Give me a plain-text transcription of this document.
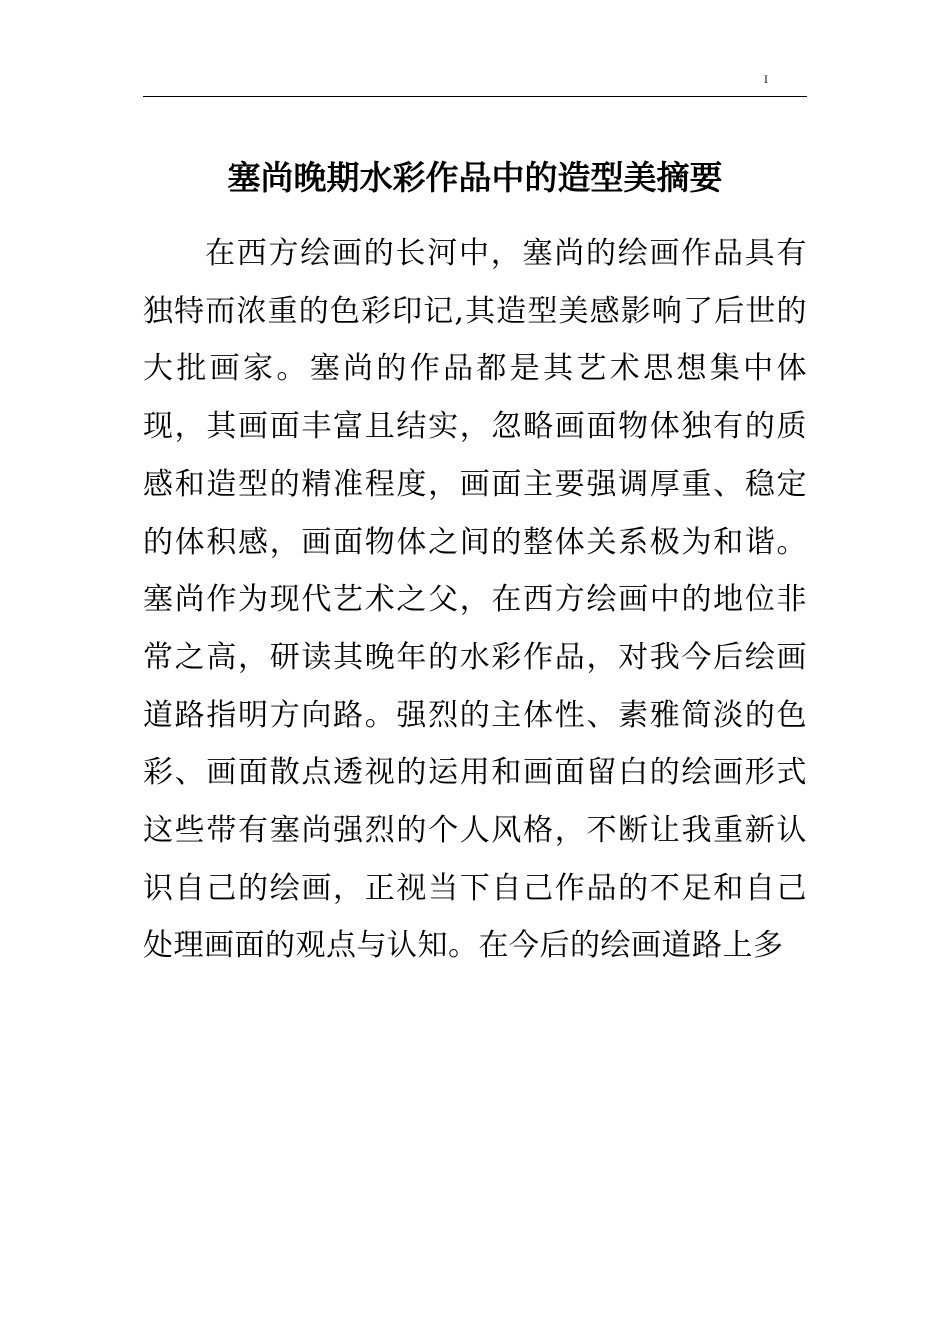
I
塞尚晚期水彩作品中的造型美摘要

在西方绘画的长河中，塞尚的绘画作品具有独特而浓重的色彩印记,其造型美感影响了后世的大批画家。塞尚的作品都是其艺术思想集中体现，其画面丰富且结实，忽略画面物体独有的质感和造型的精准程度，画面主要强调厚重、稳定的体积感，画面物体之间的整体关系极为和谐。塞尚作为现代艺术之父，在西方绘画中的地位非常之高，研读其晚年的水彩作品，对我今后绘画道路指明方向路。强烈的主体性、素雅简淡的色彩、画面散点透视的运用和画面留白的绘画形式这些带有塞尚强烈的个人风格，不断让我重新认识自己的绘画，正视当下自己作品的不足和自己处理画面的观点与认知。在今后的绘画道路上多
